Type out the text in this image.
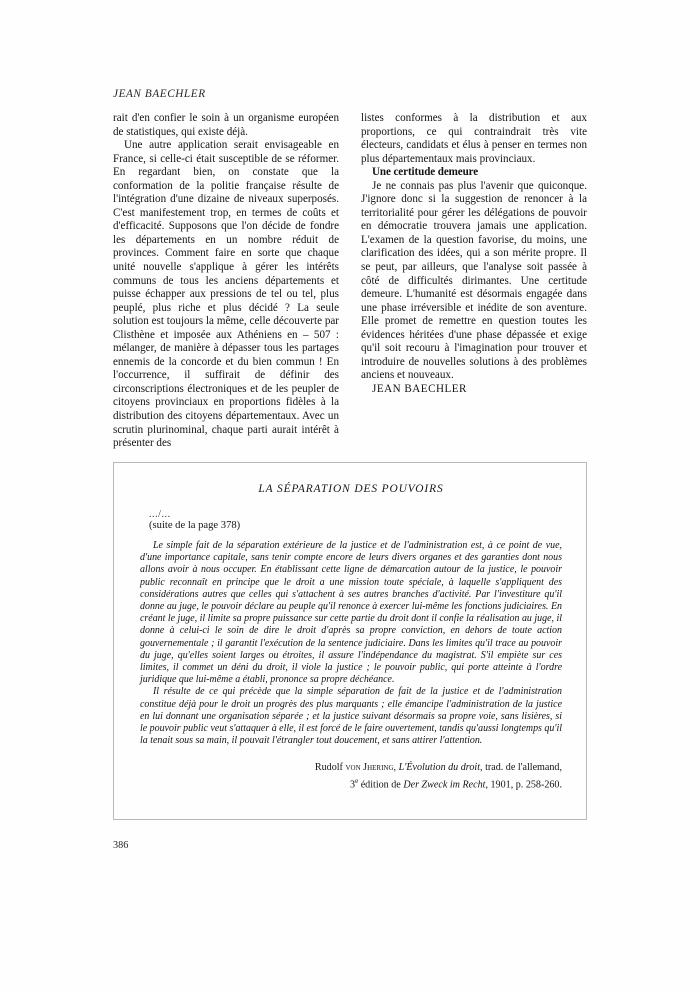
JEAN BAECHLER

rait d'en confier le soin à un organisme européen de statistiques, qui existe déjà.

Une autre application serait envisageable en France, si celle-ci était susceptible de se réformer. En regardant bien, on constate que la conformation de la politie française résulte de l'intégration d'une dizaine de niveaux superposés. C'est manifestement trop, en termes de coûts et d'efficacité. Supposons que l'on décide de fondre les départements en un nombre réduit de provinces. Comment faire en sorte que chaque unité nouvelle s'applique à gérer les intérêts communs de tous les anciens départements et puisse échapper aux pressions de tel ou tel, plus peuplé, plus riche et plus décidé ? La seule solution est toujours la même, celle découverte par Clisthène et imposée aux Athéniens en – 507 : mélanger, de manière à dépasser tous les partages ennemis de la concorde et du bien commun ! En l'occurrence, il suffirait de définir des circonscriptions électroniques et de les peupler de citoyens provinciaux en proportions fidèles à la distribution des citoyens départementaux. Avec un scrutin plurinominal, chaque parti aurait intérêt à présenter des

listes conformes à la distribution et aux proportions, ce qui contraindrait très vite électeurs, candidats et élus à penser en termes non plus départementaux mais provinciaux.

Une certitude demeure

Je ne connais pas plus l'avenir que quiconque. J'ignore donc si la suggestion de renoncer à la territorialité pour gérer les délégations de pouvoir en démocratie trouvera jamais une application. L'examen de la question favorise, du moins, une clarification des idées, qui a son mérite propre. Il se peut, par ailleurs, que l'analyse soit passée à côté de difficultés dirimantes. Une certitude demeure. L'humanité est désormais engagée dans une phase irréversible et inédite de son aventure. Elle promet de remettre en question toutes les évidences héritées d'une phase dépassée et exige qu'il soit recouru à l'imagination pour trouver et introduire de nouvelles solutions à des problèmes anciens et nouveaux.

JEAN BAECHLER

LA SÉPARATION DES POUVOIRS
.../...
(suite de la page 378)

Le simple fait de la séparation extérieure de la justice et de l'administration est, à ce point de vue, d'une importance capitale, sans tenir compte encore de leurs divers organes et des garanties dont nous allons avoir à nous occuper. En établissant cette ligne de démarcation autour de la justice, le pouvoir public reconnaît en principe que le droit a une mission toute spéciale, à laquelle s'appliquent des considérations autres que celles qui s'attachent à ses autres branches d'activité. Par l'investiture qu'il donne au juge, le pouvoir déclare au peuple qu'il renonce à exercer lui-même les fonctions judiciaires. En créant le juge, il limite sa propre puissance sur cette partie du droit dont il confie la réalisation au juge, il donne à celui-ci le soin de dire le droit d'après sa propre conviction, en dehors de toute action gouvernementale ; il garantit l'exécution de la sentence judiciaire. Dans les limites qu'il trace au pouvoir du juge, qu'elles soient larges ou étroites, il assure l'indépendance du magistrat. S'il empiète sur ces limites, il commet un déni du droit, il viole la justice ; le pouvoir public, qui porte atteinte à l'ordre juridique que lui-même a établi, prononce sa propre déchéance.

Il résulte de ce qui précède que la simple séparation de fait de la justice et de l'administration constitue déjà pour le droit un progrès des plus marquants ; elle émancipe l'administration de la justice en lui donnant une organisation séparée ; et la justice suivant désormais sa propre voie, sans lisières, si le pouvoir public veut s'attaquer à elle, il est forcé de le faire ouvertement, tandis qu'aussi longtemps qu'il la tenait sous sa main, il pouvait l'étrangler tout doucement, et sans attirer l'attention.

Rudolf von Jhering, L'Évolution du droit, trad. de l'allemand,
3e édition de Der Zweck im Recht, 1901, p. 258-260.
386
